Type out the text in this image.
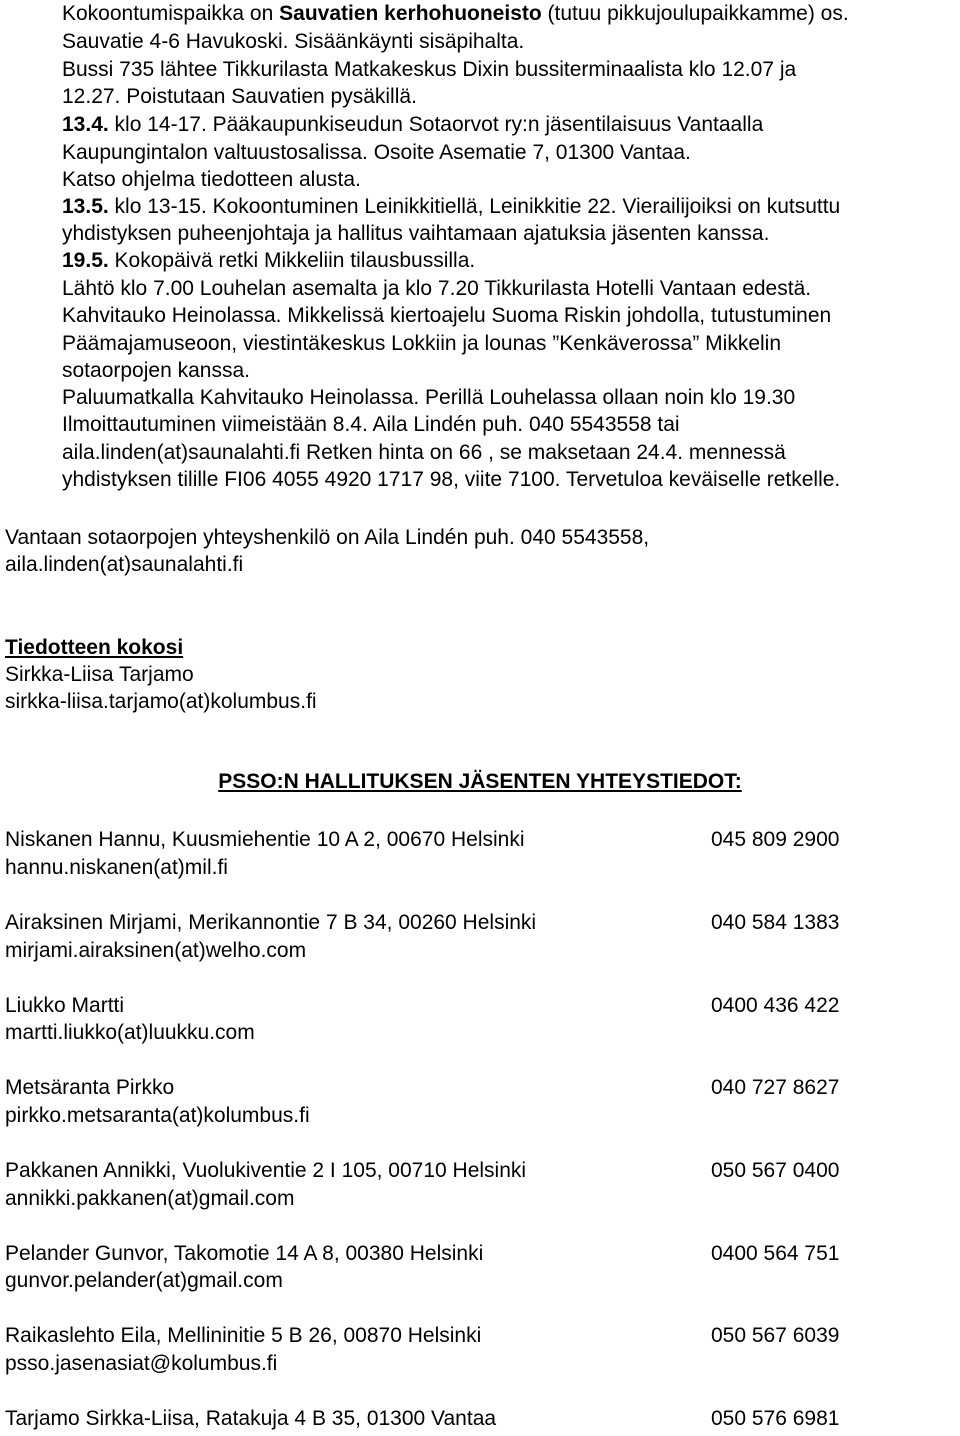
Kokoontumispaikka on Sauvatien kerhohuoneisto (tutuu pikkujoulupaikkamme) os.
Sauvatie 4-6 Havukoski. Sisäänkäynti sisäpihalta.
Bussi 735 lähtee Tikkurilasta Matkakeskus Dixin bussiterminaalista klo 12.07 ja
12.27. Poistutaan Sauvatien pysäkillä.
13.4. klo 14-17. Pääkaupunkiseudun Sotaorvot ry:n jäsentilaisuus Vantaalla
Kaupungintalon valtuustosalissa. Osoite Asematie 7, 01300 Vantaa.
Katso ohjelma tiedotteen alusta.
13.5. klo 13-15. Kokoontuminen Leinikkitiellä, Leinikkitie 22. Vierailijoiksi on kutsuttu
yhdistyksen puheenjohtaja ja hallitus vaihtamaan ajatuksia jäsenten kanssa.
19.5. Kokopäivä retki Mikkeliin tilausbussilla.
Lähtö klo 7.00 Louhelan asemalta ja klo 7.20 Tikkurilasta Hotelli Vantaan edestä.
Kahvitauko Heinolassa. Mikkelissä kiertoajelu Suoma Riskin johdolla, tutustuminen
Päämajamuseoon, viestintäkeskus Lokkiin ja lounas ”Kenkäverossa” Mikkelin
sotaorpojen kanssa.
Paluumatkalla Kahvitauko Heinolassa. Perillä Louhelassa ollaan noin klo 19.30
Ilmoittautuminen viimeistään 8.4. Aila Lindén puh. 040 5543558 tai
aila.linden(at)saunalahti.fi Retken hinta on 66 , se maksetaan 24.4. mennessä
yhdistyksen tilille FI06 4055 4920 1717 98, viite 7100. Tervetuloa keväiselle retkelle.
Vantaan sotaorpojen yhteyshenkilö on Aila Lindén puh. 040 5543558,
aila.linden(at)saunalahti.fi
Tiedotteen kokosi
Sirkka-Liisa Tarjamo
sirkka-liisa.tarjamo(at)kolumbus.fi
PSSO:N HALLITUKSEN JÄSENTEN YHTEYSTIEDOT:
Niskanen Hannu, Kuusmiehentie 10 A 2, 00670 Helsinki	045 809 2900
hannu.niskanen(at)mil.fi
Airaksinen Mirjami, Merikannontie 7 B 34, 00260 Helsinki	040 584 1383
mirjami.airaksinen(at)welho.com
Liukko Martti	0400 436 422
martti.liukko(at)luukku.com
Metsäranta Pirkko	040 727 8627
pirkko.metsaranta(at)kolumbus.fi
Pakkanen Annikki, Vuolukiventie 2 I 105, 00710 Helsinki	050 567 0400
annikki.pakkanen(at)gmail.com
Pelander Gunvor, Takomotie 14 A 8, 00380 Helsinki	0400 564 751
gunvor.pelander(at)gmail.com
Raikaslehto Eila, Mellininitie 5 B 26, 00870 Helsinki	050 567 6039
psso.jasenasiat@kolumbus.fi
Tarjamo Sirkka-Liisa, Ratakuja 4 B 35, 01300 Vantaa	050 576 6981
